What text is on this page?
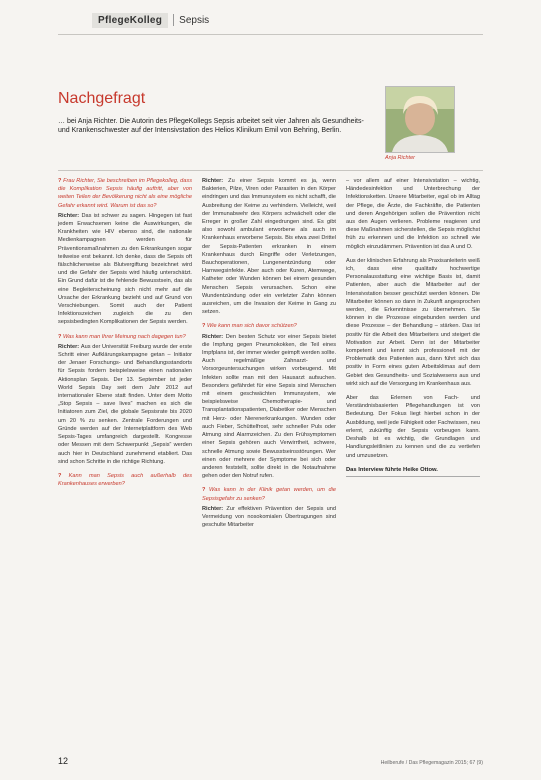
PflegeKolleg	Sepsis
Nachgefragt

… bei Anja Richter. Die Autorin des PflegeKollegs Sepsis arbeitet seit vier Jahren als Gesundheits- und Krankenschwester auf der Intensivstation des Helios Klinikum Emil von Behring, Berlin.

Anja Richter

? Frau Richter, Sie beschreiben im Pflegekolleg, dass die Komplikation Sepsis häufig auftritt, aber von weiten Teilen der Bevölkerung nicht als eine mögliche Gefahr erkannt wird. Warum ist das so?

Richter: Das ist schwer zu sagen. Hingegen ist fast jedem Erwachsenen keine die Auswirkungen, die Krankheiten wie HIV ebenso sind, die nationale Medienkampagnen werden für Präventionsmaßnahmen zu den Erkrankungen sogar teilweise erst bekannt. Ich denke, dass die Sepsis oft fälschlicherweise als Blutvergiftung bezeichnet wird und die Gefahr der Sepsis wird häufig unterschätzt. Ein Grund dafür ist die fehlende Bewusstsein, das als eine Begleiterscheinung sich nicht mehr auf die Ursache der Erkrankung bezieht und auf Grund von Verschiebungen. Somit auch der Patient Infektionszeichen zugleich die zu den sepsisbedingten Komplikationen der Sepsis werden.

? Was kann man Ihrer Meinung nach dagegen tun?

Richter: Aus der Universität Freiburg wurde der erste Schritt einer Aufklärungskampagne getan – Initiator der Jenaer Forschungs- und Behandlungsstandorts für Sepsis fordern beispielsweise einen nationalen Aktionsplan Sepsis. Der 13. September ist jeder World Sepsis Day seit dem Jahr 2012 auf internationaler Ebene statt finden. Unter dem Motto „Stop Sepsis – save lives“ machen es sich die Initiatoren zum Ziel, die globale Sepsisrate bis 2020 um 20 % zu senken. Zentrale Forderungen und Gründe werden auf der Internetplattform des Web Sepsis-Tages umfangreich dargestellt. Kongresse oder Messen mit dem Schwerpunkt „Sepsis“ werden auch hier in Deutschland zunehmend etabliert. Das sind schon Schritte in die richtige Richtung.

? Kann man Sepsis auch außerhalb des Krankenhauses erwerben?

Richter: Zu einer Sepsis kommt es ja, wenn Bakterien, Pilze, Viren oder Parasiten in den Körper eindringen und das Immunsystem es nicht schafft, die Ausbreitung der Keime zu verhindern. Vielleicht, weil der Immunabwehr des Körpers schwächelt oder die Erreger in großer Zahl eingedrungen sind. Es gibt also sowohl ambulant erworbene als auch im Krankenhaus erworbene Sepsis. Bis etwa zwei Drittel der Sepsis-Patienten erkranken in einem Krankenhaus durch Eingriffe oder Verletzungen, Bauchoperationen, Lungenentzündung oder Harnwegsinfekte. Aber auch oder Kuren, Atemwege, Katheter oder Wunden können bei einem gesunden Menschen Sepsis verursachen. Schon eine Wundentzündung oder ein verletzter Zahn können ausreichen, um die Invasion der Keime in Gang zu setzen.

? Wie kann man sich davor schützen?

Richter: Den besten Schutz vor einer Sepsis bietet die Impfung gegen Pneumokokken, die Teil eines Impfplans ist, der immer wieder geimpft werden sollte. Auch regelmäßige Zahnarzt- und Vorsorgeuntersuchungen wirken vorbeugend. Mit Infekten sollte man mit den Hausarzt aufsuchen. Besonders gefährdet für eine Sepsis sind Menschen mit einem geschwächten Immunsystem, wie beispielsweise Chemotherapie- und Transplantationspatienten, Diabetiker oder Menschen mit Herz- oder Nierenerkrankungen. Wunden oder auch Fieber, Schüttelfrost, sehr schneller Puls oder Atmung sind Alarmzeichen. Zu den Frühsymptomen einer Sepsis gehören auch Verwirrtheit, schwere, schnelle Atmung sowie Bewusstseinsstörungen. Wer einen oder mehrere der Symptome bei sich oder anderen feststellt, sollte direkt in die Notaufnahme gehen oder den Notruf rufen.

? Was kann in der Klinik getan werden, um die Sepsisgefahr zu senken?

Richter: Zur effektiven Prävention der Sepsis und Vermeidung von nosokomialen Übertragungen sind geschulte Mitarbeiter

– vor allem auf einer Intensivstation – wichtig, Händedesinfektion und Unterbrechung der Infektionsketten. Unsere Mitarbeiter, egal ob im Alltag der Pflege, die Ärzte, die Fachkräfte, die Patienten und deren Angehörigen sollen die Prävention nicht aus den Augen verlieren. Probleme reagieren und diese Maßnahmen sicherstellen, die Sepsis möglichst früh zu erkennen und die Infektion so schnell wie möglich einzudämmen. Prävention ist das A und O.

Aus der klinischen Erfahrung als Praxisanleiterin weiß ich, dass eine qualitativ hochwertige Personalausstattung eine wichtige Basis ist, damit Patienten, aber auch die Mitarbeiter auf der Intensivstation besser geschützt werden können. Die Mitarbeiter können so dann in Zukunft angesprochen werden, die Erkenntnisse zu übernehmen. Sie können in die Prozesse eingebunden werden und diese Prozesse – der Behandlung – stärken. Das ist positiv für die Arbeit des Mitarbeiters und steigert die Motivation zur Arbeit. Denn ist der Mitarbeiter kompetent und kennt sich professionell mit der Problematik des Patienten aus, dann führt sich das positiv in Form eines guten Arbeitsklimas auf dem Gebiet des Gesundheits- und Sozialwesens aus und wirkt sich auf die Versorgung im Krankenhaus aus.

Aber das Erlernen von Fach- und Verständnisbasierten Pflegehandlungen ist von Bedeutung. Der Fokus liegt hierbei schon in der Ausbildung, weil jede Fähigkeit oder Fachwissen, neu erlernt, zukünftig der Sepsis vorbeugen kann. Deshalb ist es wichtig, die Grundlagen und Handlungsleitlinien zu kennen und die zu vertiefen und umzusetzen.

Das Interview führte Heike Ottow.

12	Heilberufe / Das Pflegemagazin 2015; 67 (9)
